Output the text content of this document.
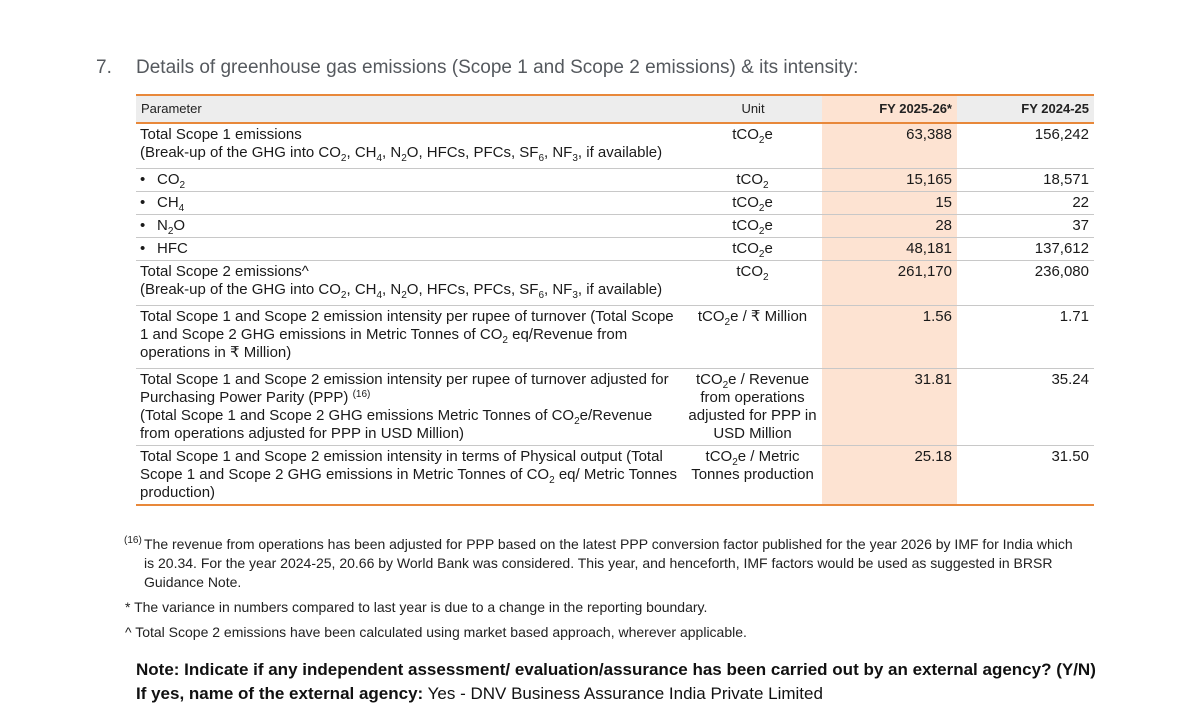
7. Details of greenhouse gas emissions (Scope 1 and Scope 2 emissions) & its intensity:
Parameter	Unit	FY 2025-26*	FY 2024-25
Total Scope 1 emissions
(Break-up of the GHG into $CO_2$, $CH_4$, $N_2O$, HFCs, PFCs, $SF_6$, $NF_3$, if available)	tCO$_2$e	63,388	156,242
• $CO_2$	tCO$_2$	15,165	18,571
• $CH_4$	tCO$_2$e	15	22
• $N_2O$	tCO$_2$e	28	37
• HFC	tCO$_2$e	48,181	137,612
Total Scope 2 emissions^
(Break-up of the GHG into $CO_2$, $CH_4$, $N_2O$, HFCs, PFCs, $SF_6$, $NF_3$, if available)	tCO$_2$	261,170	236,080
Total Scope 1 and Scope 2 emission intensity per rupee of turnover (Total Scope 1 and Scope 2 GHG emissions in Metric Tonnes of $CO_2$ eq/Revenue from operations in ₹ Million)	tCO$_2$e / ₹ Million	1.56	1.71
Total Scope 1 and Scope 2 emission intensity per rupee of turnover adjusted for Purchasing Power Parity (PPP) $^{(16)}$
(Total Scope 1 and Scope 2 GHG emissions Metric Tonnes of $CO_2e$/Revenue from operations adjusted for PPP in USD Million)	tCO$_2$e / Revenue from operations adjusted for PPP in USD Million	31.81	35.24
Total Scope 1 and Scope 2 emission intensity in terms of Physical output (Total Scope 1 and Scope 2 GHG emissions in Metric Tonnes of $CO_2$ eq/ Metric Tonnes production)	tCO$_2$e / Metric Tonnes production	25.18	31.50
(16) The revenue from operations has been adjusted for PPP based on the latest PPP conversion factor published for the year 2026 by IMF for India which is 20.34. For the year 2024-25, 20.66 by World Bank was considered. This year, and henceforth, IMF factors would be used as suggested in BRSR Guidance Note.
* The variance in numbers compared to last year is due to a change in the reporting boundary.
^ Total Scope 2 emissions have been calculated using market based approach, wherever applicable.
Note: Indicate if any independent assessment/ evaluation/assurance has been carried out by an external agency? (Y/N)
If yes, name of the external agency: Yes - DNV Business Assurance India Private Limited
